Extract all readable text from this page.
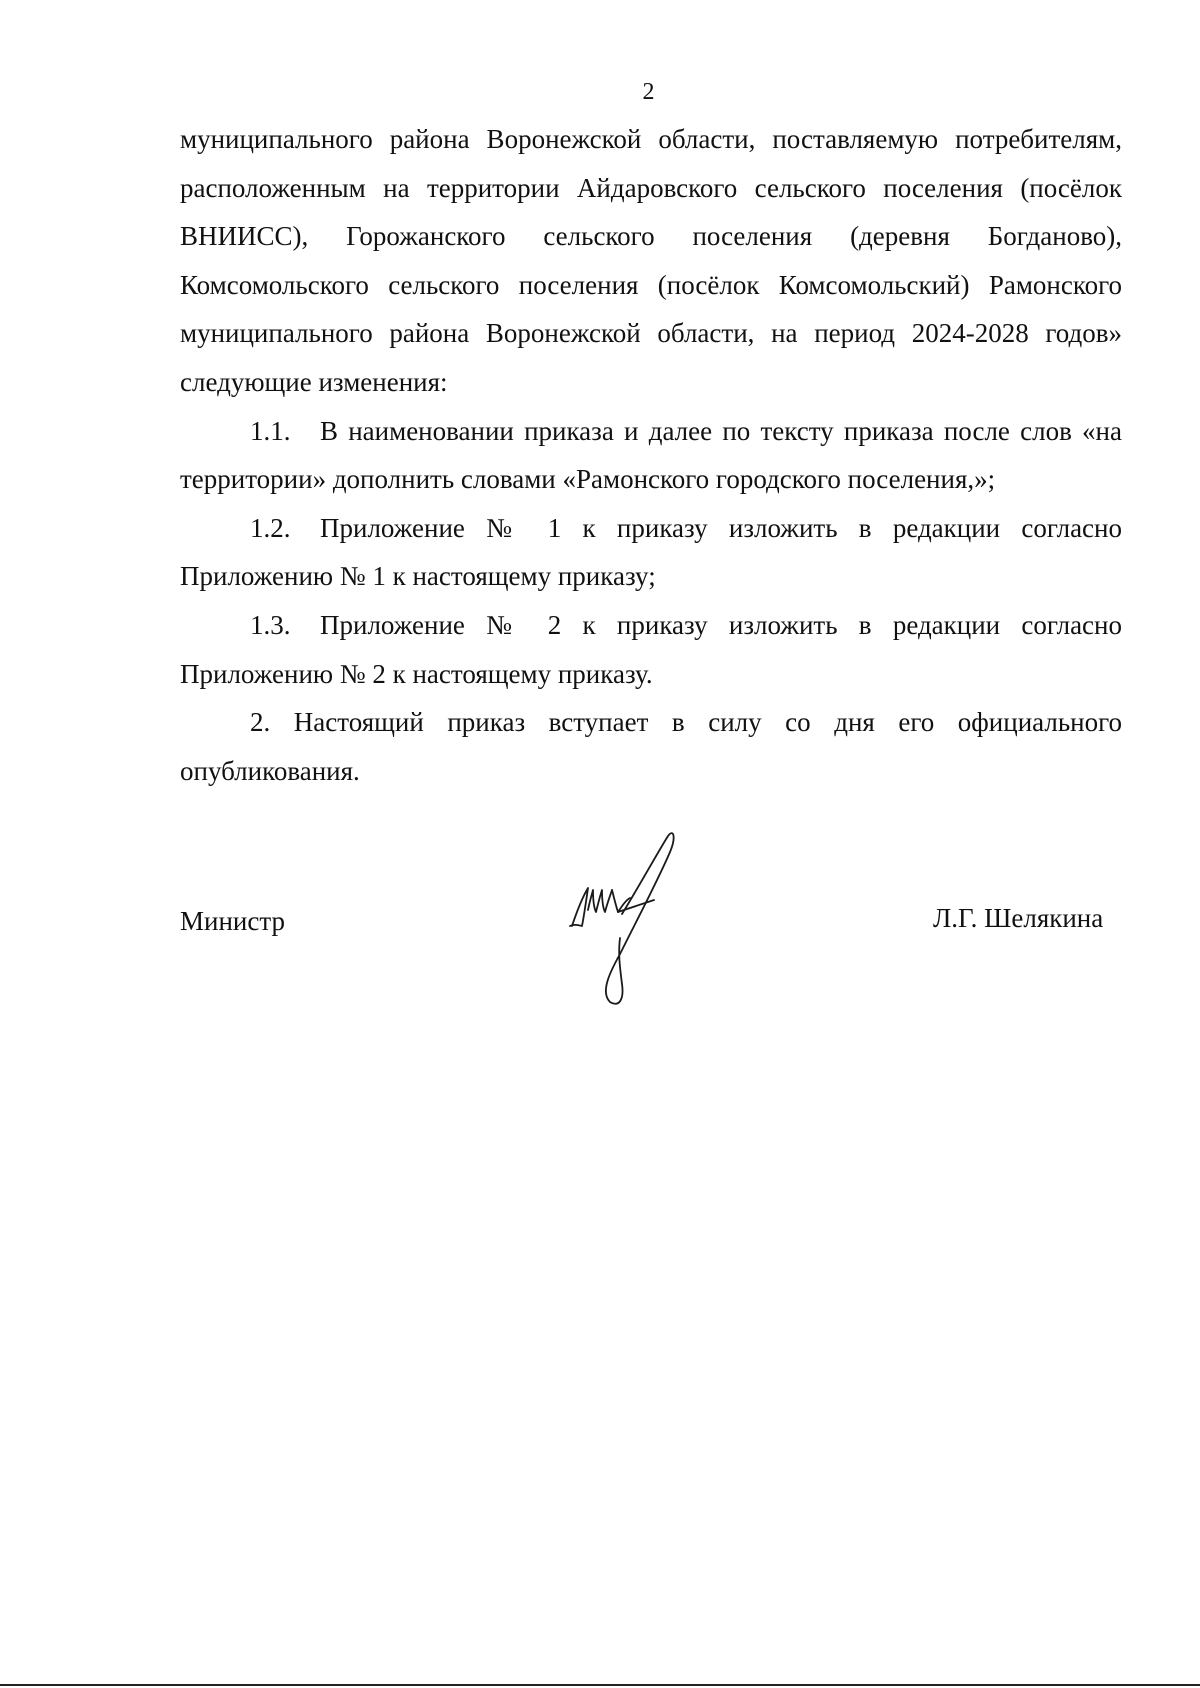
2

муниципального района Воронежской области, поставляемую потребителям, расположенным на территории Айдаровского сельского поселения (посёлок ВНИИСС), Горожанского сельского поселения (деревня Богданово), Комсомольского сельского поселения (посёлок Комсомольский) Рамонского муниципального района Воронежской области, на период 2024-2028 годов» следующие изменения:

1.1. В наименовании приказа и далее по тексту приказа после слов «на территории» дополнить словами «Рамонского городского поселения,»;

1.2. Приложение № 1 к приказу изложить в редакции согласно Приложению № 1 к настоящему приказу;

1.3. Приложение № 2 к приказу изложить в редакции согласно Приложению № 2 к настоящему приказу.

2. Настоящий приказ вступает в силу со дня его официального опубликования.

Министр	Л.Г. Шелякина
